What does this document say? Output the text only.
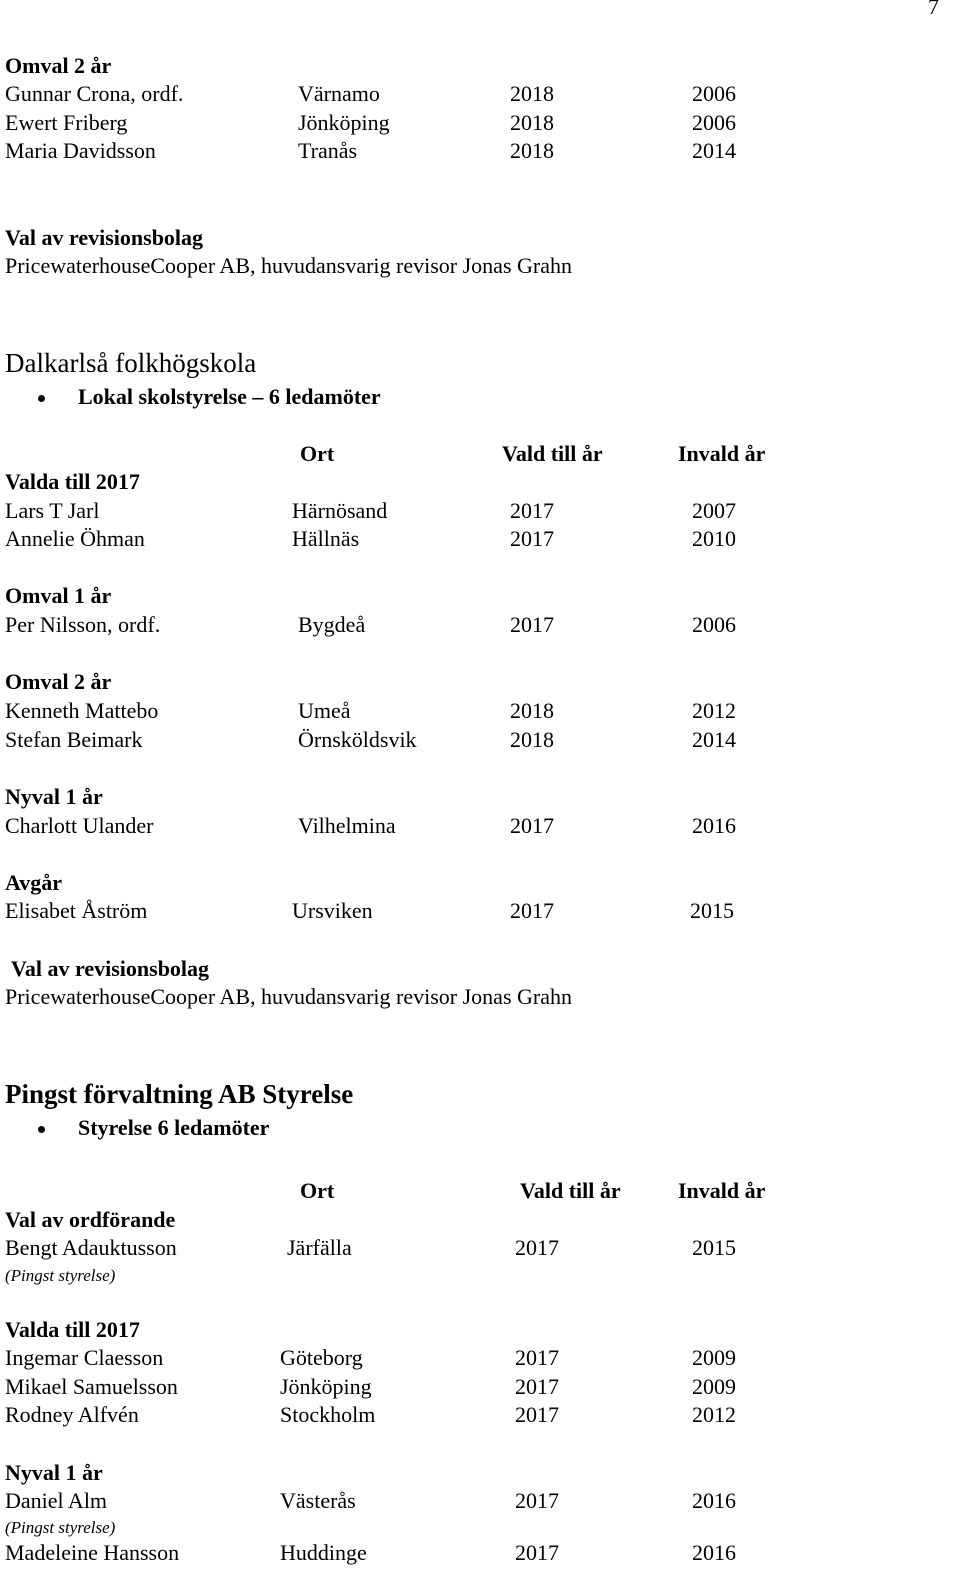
7
Omval 2 år
Gunnar Crona, ordf.	Värnamo	2018	2006
Ewert Friberg	Jönköping	2018	2006
Maria Davidsson	Tranås	2018	2014
Val av revisionsbolag
PricewaterhouseCooper AB, huvudansvarig revisor Jonas Grahn
Dalkarlså folkhögskola
Lokal skolstyrelse – 6 ledamöter
Ort	Vald till år	Invald år
Valda till 2017
Lars T Jarl	Härnösand	2017	2007
Annelie Öhman	Hällnäs	2017	2010
Omval 1 år
Per Nilsson, ordf.	Bygdeå	2017	2006
Omval 2 år
Kenneth Mattebo	Umeå	2018	2012
Stefan Beimark	Örnsköldsvik	2018	2014
Nyval 1 år
Charlott Ulander	Vilhelmina	2017	2016
Avgår
Elisabet Åström	Ursviken	2017	2015
Val av revisionsbolag
PricewaterhouseCooper AB, huvudansvarig revisor Jonas Grahn
Pingst förvaltning AB Styrelse
Styrelse 6 ledamöter
Ort	Vald till år	Invald år
Val av ordförande
Bengt Adauktusson	Järfälla	2017	2015
(Pingst styrelse)
Valda till 2017
Ingemar Claesson	Göteborg	2017	2009
Mikael Samuelsson	Jönköping	2017	2009
Rodney Alfvén	Stockholm	2017	2012
Nyval 1 år
Daniel Alm	Västerås	2017	2016
(Pingst styrelse)
Madeleine Hansson	Huddinge	2017	2016
